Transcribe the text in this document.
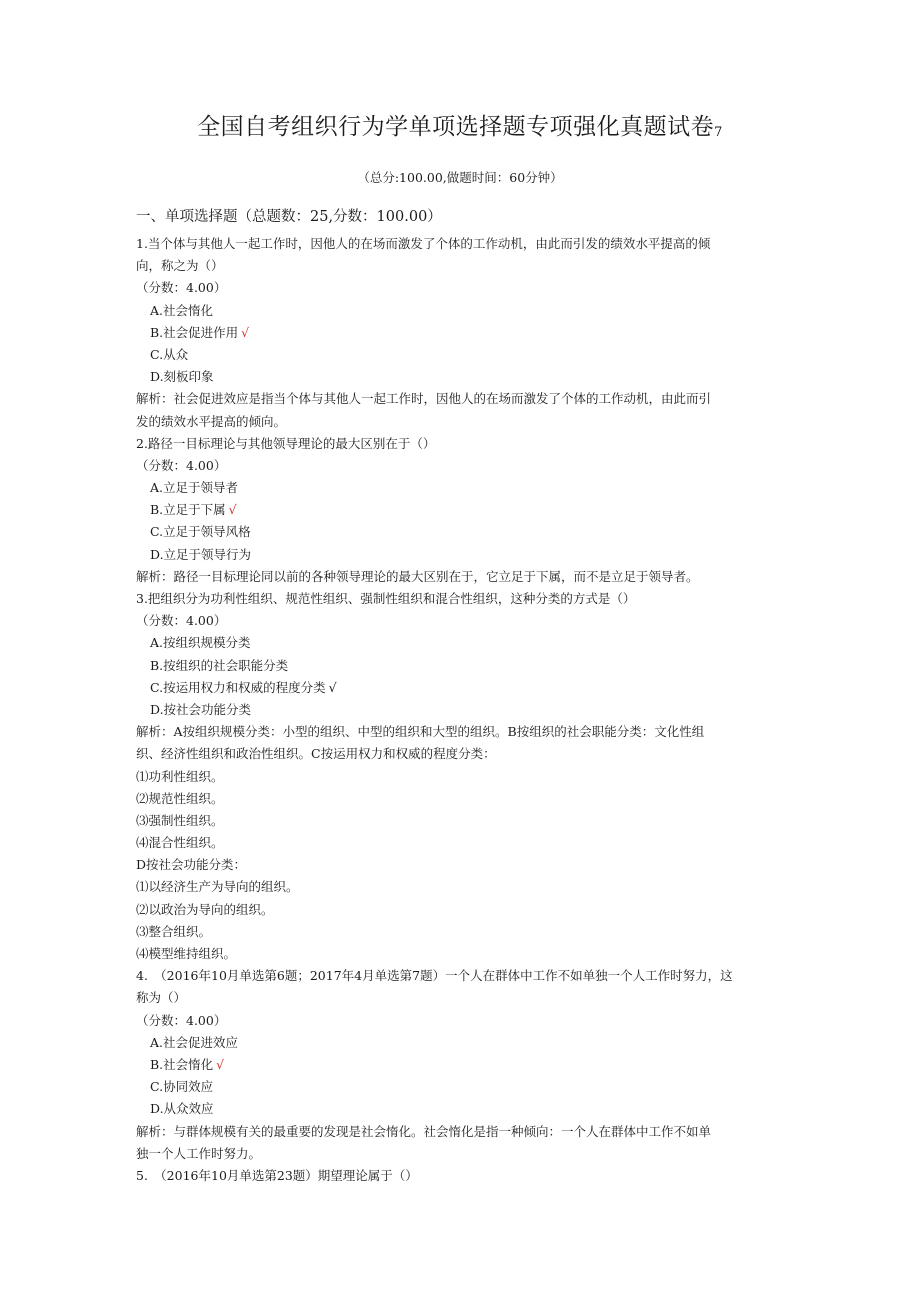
全国自考组织行为学单项选择题专项强化真题试卷$_7$
（总分:100.00,做题时间：60分钟）
一、单项选择题（总题数：25,分数：100.00）
1.当个体与其他人一起工作时，因他人的在场而激发了个体的工作动机，由此而引发的绩效水平提高的倾
向，称之为（）
（分数：4.00）
A.社会惰化
B.社会促进作用 √
C.从众
D.刻板印象
解析：社会促进效应是指当个体与其他人一起工作时，因他人的在场而激发了个体的工作动机，由此而引
发的绩效水平提高的倾向。
2.路径一目标理论与其他领导理论的最大区别在于（）
（分数：4.00）
A.立足于领导者
B.立足于下属 √
C.立足于领导风格
D.立足于领导行为
解析：路径一目标理论同以前的各种领导理论的最大区别在于，它立足于下属，而不是立足于领导者。
3.把组织分为功利性组织、规范性组织、强制性组织和混合性组织，这种分类的方式是（）
（分数：4.00）
A.按组织规模分类
B.按组织的社会职能分类
C.按运用权力和权威的程度分类 √
D.按社会功能分类
解析：A按组织规模分类：小型的组织、中型的组织和大型的组织。B按组织的社会职能分类：文化性组
织、经济性组织和政治性组织。C按运用权力和权威的程度分类：
⑴功利性组织。
⑵规范性组织。
⑶强制性组织。
⑷混合性组织。
D按社会功能分类：
⑴以经济生产为导向的组织。
⑵以政治为导向的组织。
⑶整合组织。
⑷模型维持组织。
4.　（2016年10月单选第6题；2017年4月单选第7题）一个人在群体中工作不如单独一个人工作时努力，这
称为（）
（分数：4.00）
A.社会促进效应
B.社会惰化 √
C.协同效应
D.从众效应
解析：与群体规模有关的最重要的发现是社会惰化。社会惰化是指一种倾向：一个人在群体中工作不如单
独一个人工作时努力。
5.　（2016年10月单选第23题）期望理论属于（）
